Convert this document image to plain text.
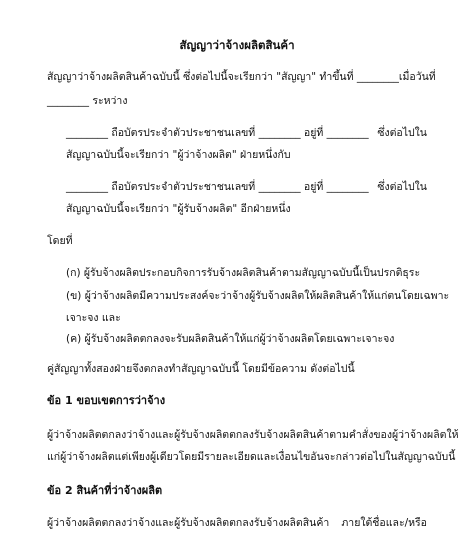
สัญญาว่าจ้างผลิตสินค้า
สัญญาว่าจ้างผลิตสินค้าฉบับนี้ ซึ่งต่อไปนี้จะเรียกว่า "สัญญา" ทำขึ้นที่ ________ เมื่อวันที่
________ ระหว่าง
________ ถือบัตรประจำตัวประชาชนเลขที่ ________ อยู่ที่ ________ ซึ่งต่อไปใน
สัญญาฉบับนี้จะเรียกว่า "ผู้ว่าจ้างผลิต" ฝ่ายหนึ่งกับ
________ ถือบัตรประจำตัวประชาชนเลขที่ ________ อยู่ที่ ________ ซึ่งต่อไปใน
สัญญาฉบับนี้จะเรียกว่า "ผู้รับจ้างผลิต" อีกฝ่ายหนึ่ง
โดยที่
(ก) ผู้รับจ้างผลิตประกอบกิจการรับจ้างผลิตสินค้าตามสัญญาฉบับนี้เป็นปรกติธุระ
(ข) ผู้ว่าจ้างผลิตมีความประสงค์จะว่าจ้างผู้รับจ้างผลิตให้ผลิตสินค้าให้แก่ตนโดยเฉพาะ
เจาะจง และ
(ค) ผู้รับจ้างผลิตตกลงจะรับผลิตสินค้าให้แก่ผู้ว่าจ้างผลิตโดยเฉพาะเจาะจง
คู่สัญญาทั้งสองฝ่ายจึงตกลงทำสัญญาฉบับนี้ โดยมีข้อความ ดังต่อไปนี้
ข้อ 1 ขอบเขตการว่าจ้าง
ผู้ว่าจ้างผลิตตกลงว่าจ้างและผู้รับจ้างผลิตตกลงรับจ้างผลิตสินค้าตามคำสั่งของผู้ว่าจ้างผลิตให้
แก่ผู้ว่าจ้างผลิตแต่เพียงผู้เดียวโดยมีรายละเอียดและเงื่อนไขอันจะกล่าวต่อไปในสัญญาฉบับนี้
ข้อ 2 สินค้าที่ว่าจ้างผลิต
ผู้ว่าจ้างผลิตตกลงว่าจ้างและผู้รับจ้างผลิตตกลงรับจ้างผลิตสินค้า ภายใต้ชื่อและ/หรือ
